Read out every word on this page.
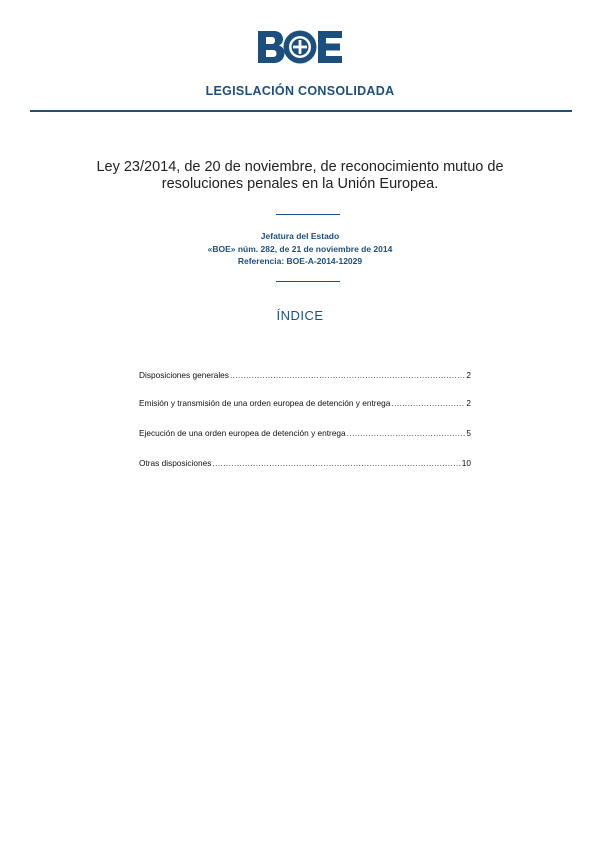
LEGISLACIÓN CONSOLIDADA
Ley 23/2014, de 20 de noviembre, de reconocimiento mutuo de
resoluciones penales en la Unión Europea.
Jefatura del Estado
«BOE» núm. 282, de 21 de noviembre de 2014
Referencia: BOE-A-2014-12029
ÍNDICE
Disposiciones generales .....	2
Emisión y transmisión de una orden europea de detención y entrega .....	2
Ejecución de una orden europea de detención y entrega .....	5
Otras disposiciones .....	10
